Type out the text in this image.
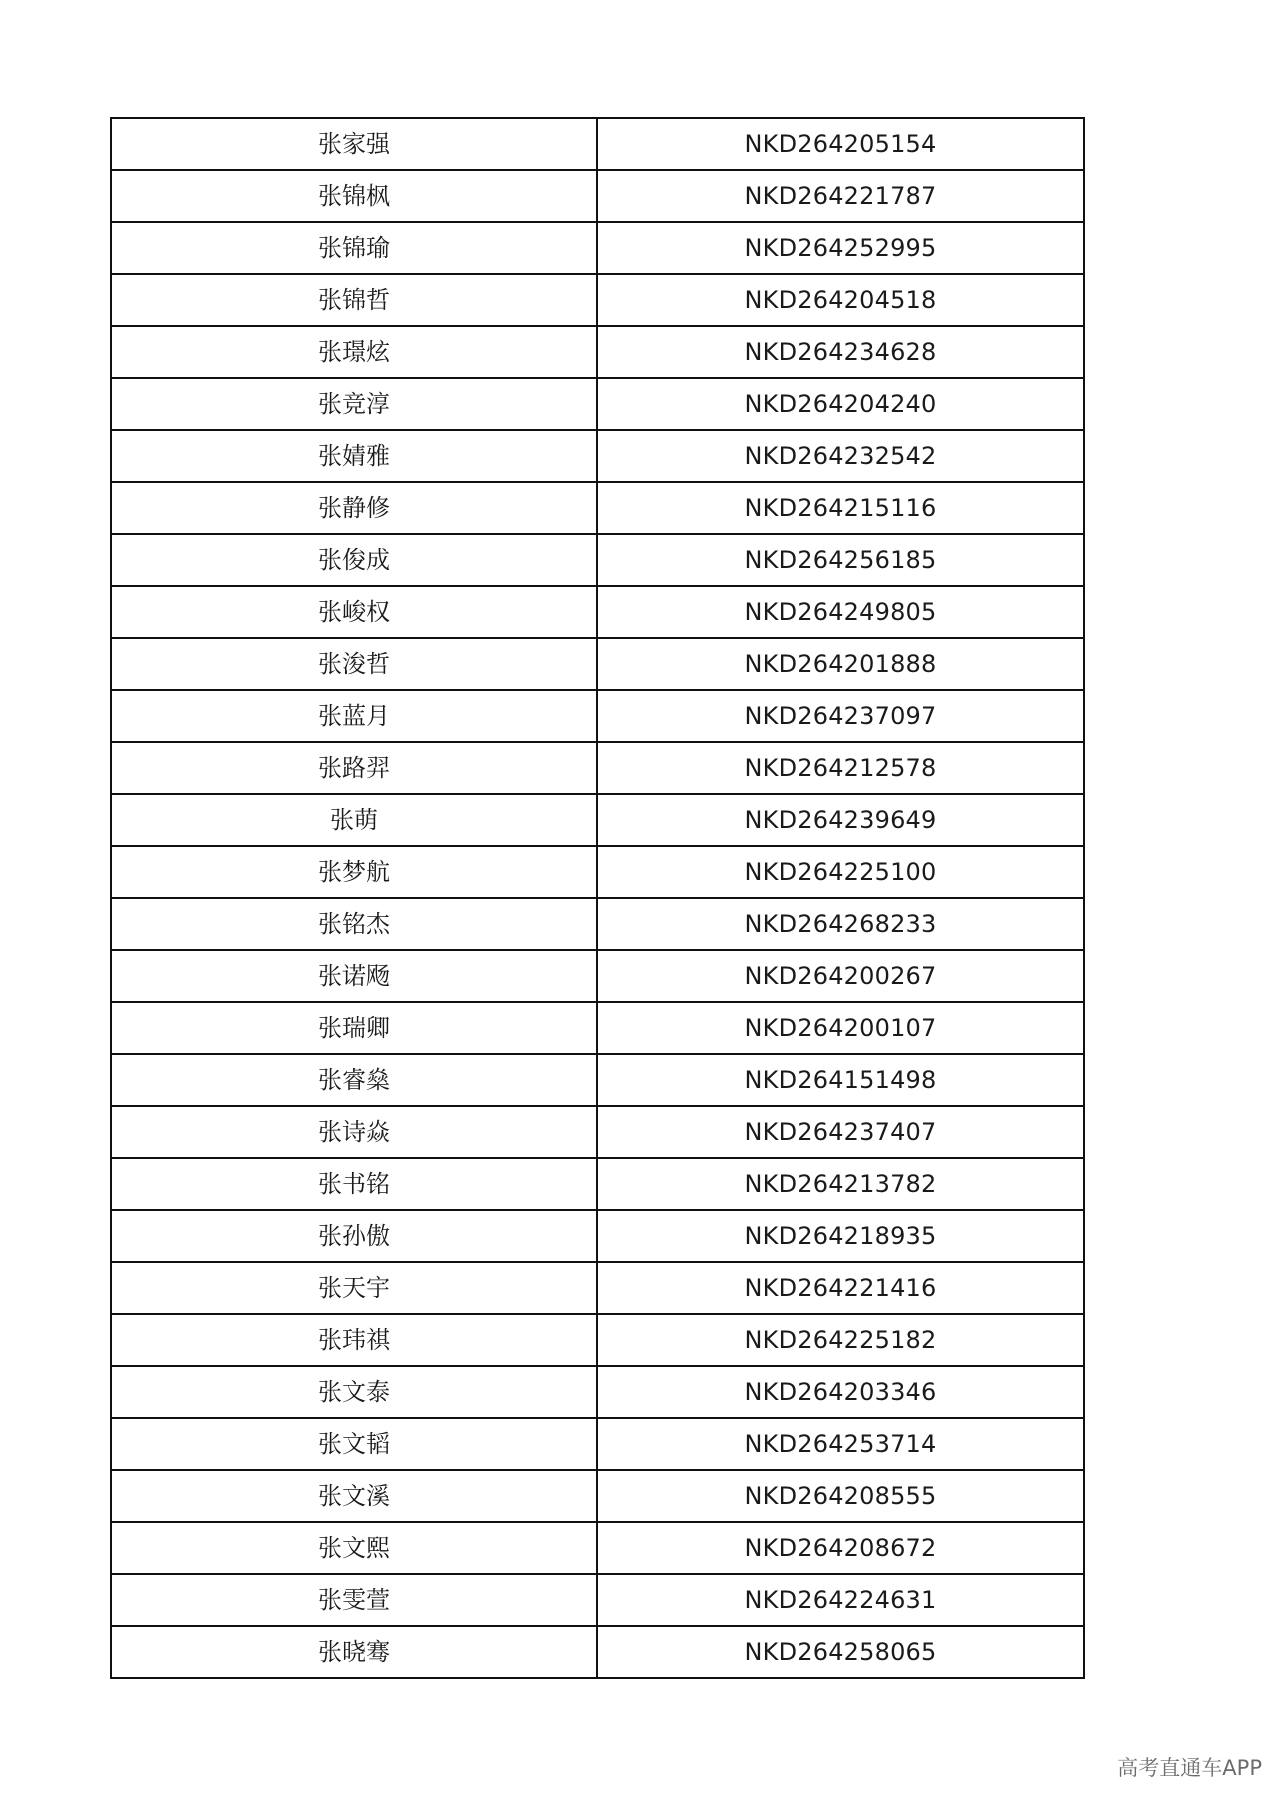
张家强	NKD264205154
张锦枫	NKD264221787
张锦瑜	NKD264252995
张锦哲	NKD264204518
张璟炫	NKD264234628
张竞淳	NKD264204240
张婧雅	NKD264232542
张静修	NKD264215116
张俊成	NKD264256185
张峻权	NKD264249805
张浚哲	NKD264201888
张蓝月	NKD264237097
张路羿	NKD264212578
张萌	NKD264239649
张梦航	NKD264225100
张铭杰	NKD264268233
张诺飏	NKD264200267
张瑞卿	NKD264200107
张睿燊	NKD264151498
张诗焱	NKD264237407
张书铭	NKD264213782
张孙傲	NKD264218935
张天宇	NKD264221416
张玮祺	NKD264225182
张文泰	NKD264203346
张文韬	NKD264253714
张文溪	NKD264208555
张文熙	NKD264208672
张雯萱	NKD264224631
张晓骞	NKD264258065
高考直通车APP
